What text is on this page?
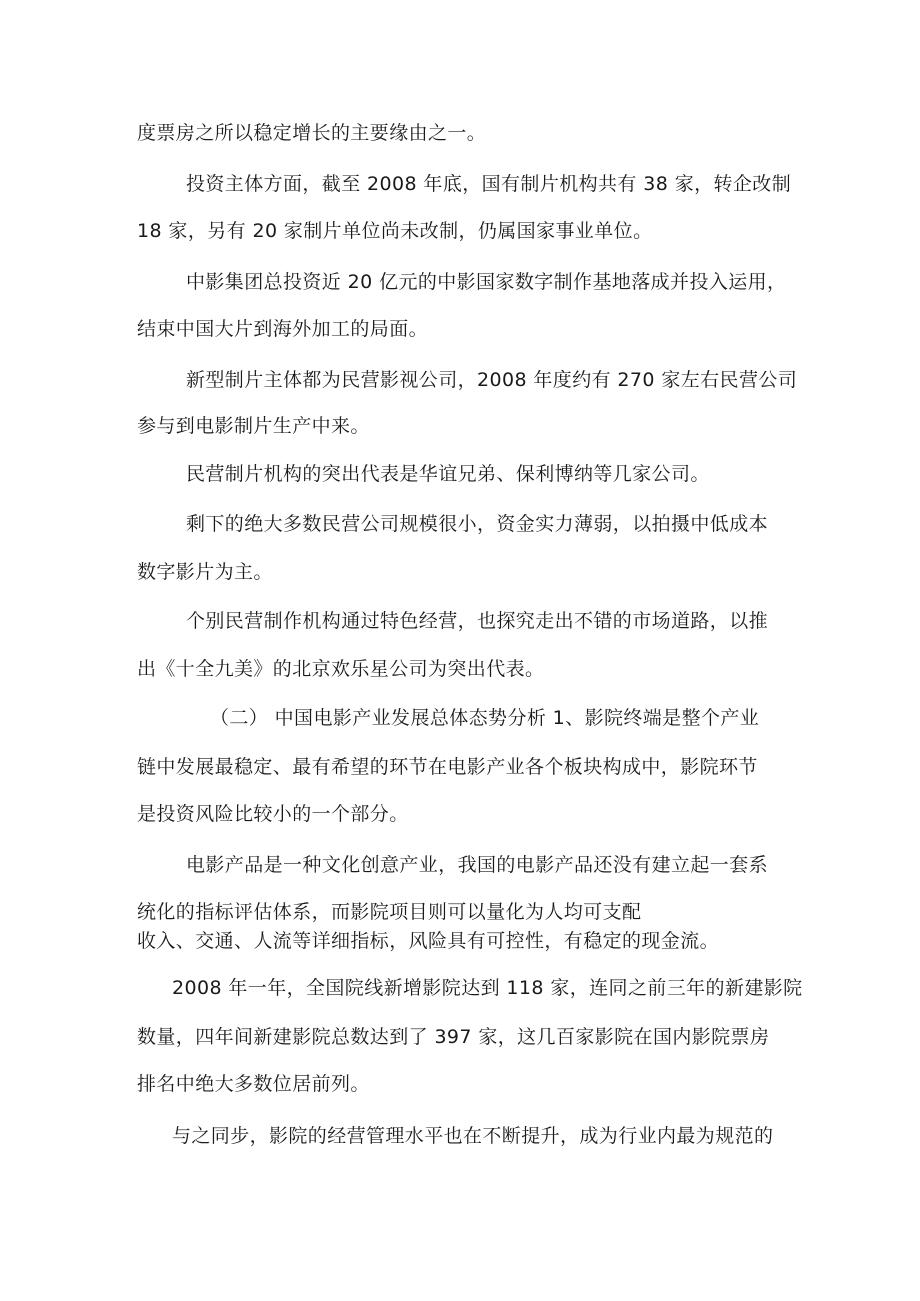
度票房之所以稳定增长的主要缘由之一。
投资主体方面，截至 2008 年底，国有制片机构共有 38 家，转企改制
18 家，另有 20 家制片单位尚未改制，仍属国家事业单位。
中影集团总投资近 20 亿元的中影国家数字制作基地落成并投入运用，
结束中国大片到海外加工的局面。
新型制片主体都为民营影视公司，2008 年度约有 270 家左右民营公司
参与到电影制片生产中来。
民营制片机构的突出代表是华谊兄弟、保利博纳等几家公司。
剩下的绝大多数民营公司规模很小，资金实力薄弱，以拍摄中低成本
数字影片为主。
个别民营制作机构通过特色经营，也探究走出不错的市场道路，以推
出《十全九美》的北京欢乐星公司为突出代表。
（二） 中国电影产业发展总体态势分析 1、影院终端是整个产业
链中发展最稳定、最有希望的环节在电影产业各个板块构成中，影院环节
是投资风险比较小的一个部分。
电影产品是一种文化创意产业，我国的电影产品还没有建立起一套系
统化的指标评估体系，而影院项目则可以量化为人均可支配
收入、交通、人流等详细指标，风险具有可控性，有稳定的现金流。
2008 年一年，全国院线新增影院达到 118 家，连同之前三年的新建影院
数量，四年间新建影院总数达到了 397 家，这几百家影院在国内影院票房
排名中绝大多数位居前列。
与之同步，影院的经营管理水平也在不断提升，成为行业内最为规范的
